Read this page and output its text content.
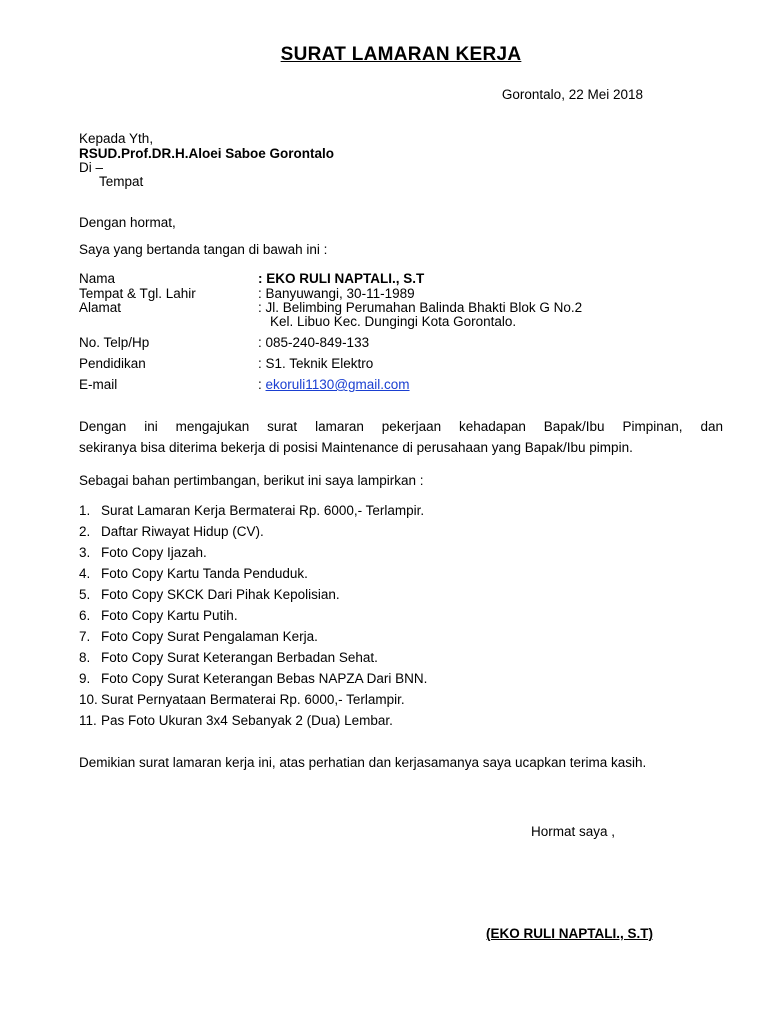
SURAT LAMARAN KERJA
Gorontalo, 22 Mei 2018
Kepada Yth,
RSUD.Prof.DR.H.Aloei Saboe Gorontalo
Di –
Tempat
Dengan hormat,
Saya yang bertanda tangan di bawah ini :
Nama	: EKO RULI NAPTALI., S.T
Tempat & Tgl. Lahir	: Banyuwangi, 30-11-1989
Alamat	: Jl. Belimbing Perumahan Balinda Bhakti Blok G No.2
Kel. Libuo Kec. Dungingi Kota Gorontalo.
No. Telp/Hp	: 085-240-849-133
Pendidikan	: S1. Teknik Elektro
E-mail	: ekoruli1130@gmail.com
Dengan ini mengajukan surat lamaran pekerjaan kehadapan Bapak/Ibu Pimpinan, dan
sekiranya bisa diterima bekerja di posisi Maintenance di perusahaan yang Bapak/Ibu pimpin.
Sebagai bahan pertimbangan, berikut ini saya lampirkan :
1. Surat Lamaran Kerja Bermaterai Rp. 6000,- Terlampir.
2. Daftar Riwayat Hidup (CV).
3. Foto Copy Ijazah.
4. Foto Copy Kartu Tanda Penduduk.
5. Foto Copy SKCK Dari Pihak Kepolisian.
6. Foto Copy Kartu Putih.
7. Foto Copy Surat Pengalaman Kerja.
8. Foto Copy Surat Keterangan Berbadan Sehat.
9. Foto Copy Surat Keterangan Bebas NAPZA Dari BNN.
10. Surat Pernyataan Bermaterai Rp. 6000,- Terlampir.
11. Pas Foto Ukuran 3x4 Sebanyak 2 (Dua) Lembar.
Demikian surat lamaran kerja ini, atas perhatian dan kerjasamanya saya ucapkan terima kasih.
Hormat saya ,
(EKO RULI NAPTALI., S.T)
